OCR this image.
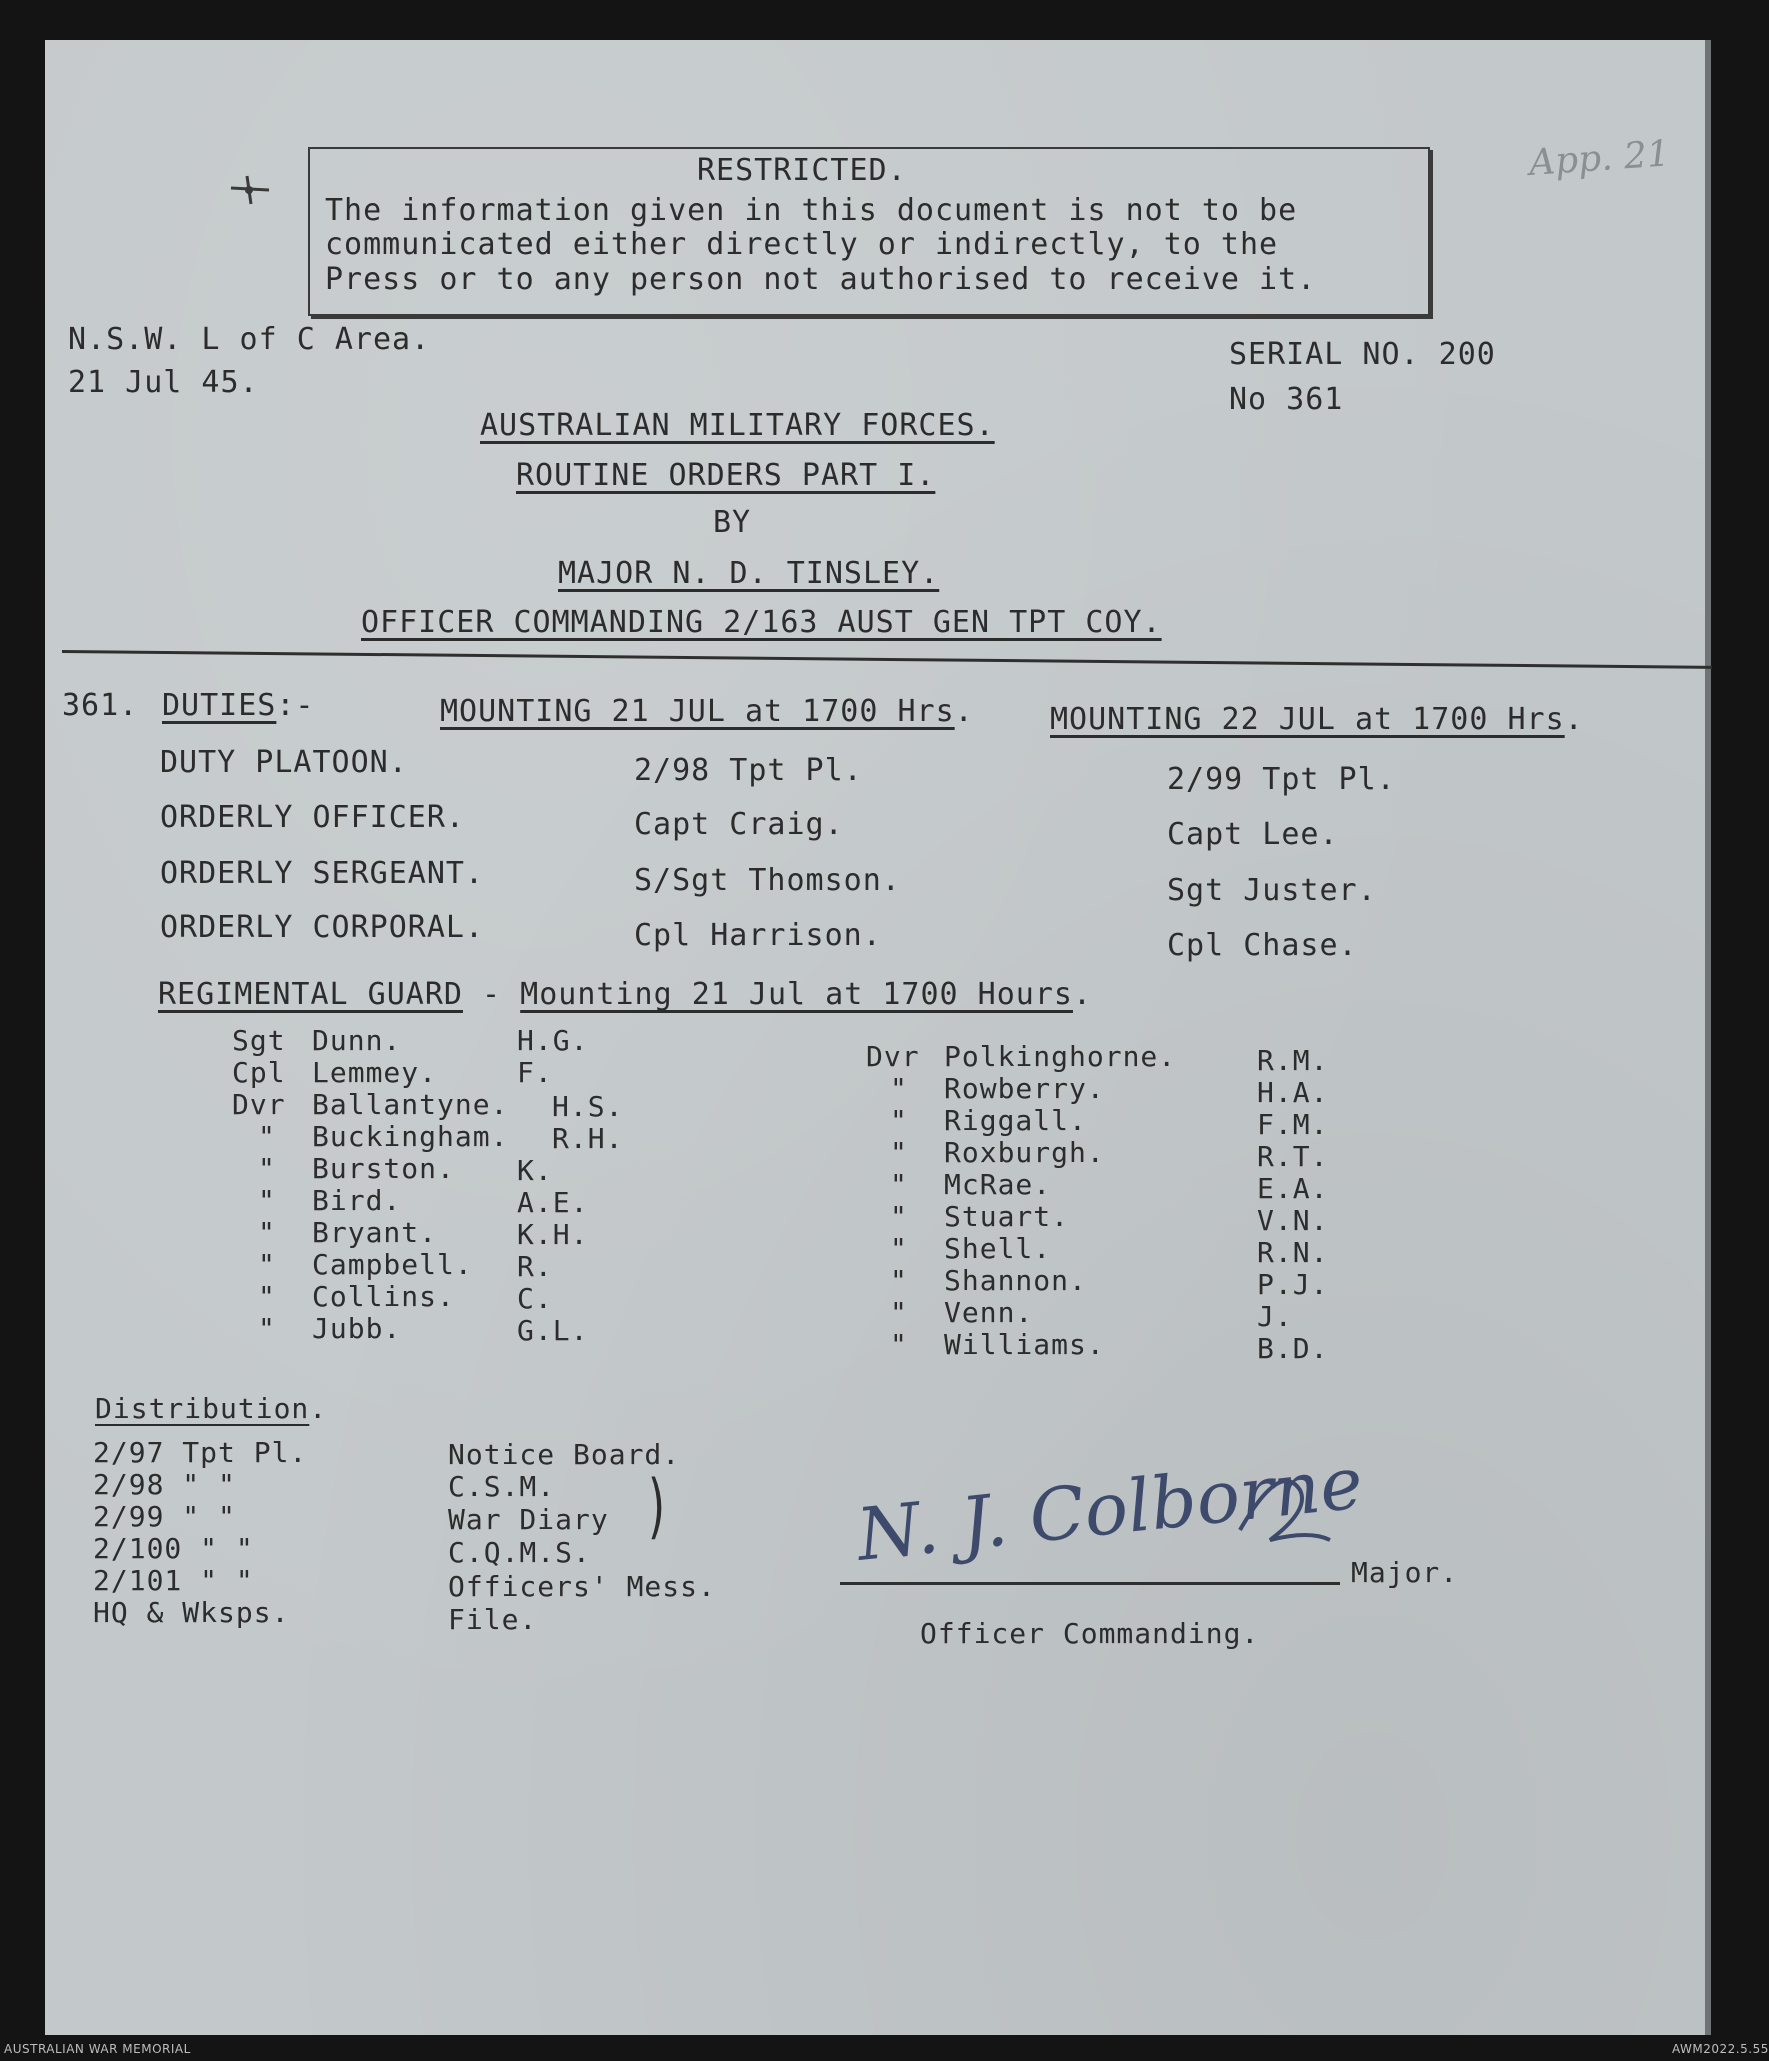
App. 21
RESTRICTED.
The information given in this document is not to be
communicated either directly or indirectly, to the
Press or to any person not authorised to receive it.
N.S.W. L of C Area.
21 Jul 45.
SERIAL NO. 200
No 361
AUSTRALIAN MILITARY FORCES.
ROUTINE ORDERS PART I.
BY
MAJOR N. D. TINSLEY.
OFFICER COMMANDING 2/163 AUST GEN TPT COY.
361. DUTIES:-	MOUNTING 21 JUL at 1700 Hrs.	MOUNTING 22 JUL at 1700 Hrs.
DUTY PLATOON.	2/98 Tpt Pl.	2/99 Tpt Pl.
ORDERLY OFFICER.	Capt Craig.	Capt Lee.
ORDERLY SERGEANT.	S/Sgt Thomson.	Sgt Juster.
ORDERLY CORPORAL.	Cpl Harrison.	Cpl Chase.
REGIMENTAL GUARD - Mounting 21 Jul at 1700 Hours.
Sgt Dunn.	H.G.
Cpl Lemmey.	F.
Dvr Ballantyne. H.S.
" Buckingham. R.H.
" Burston. K.
" Bird.	A.E.
" Bryant.	K.H.
" Campbell. R.
" Collins. C.
" Jubb.	G.L.
Dvr Polkinghorne.	R.M.
" Rowberry.	H.A.
" Riggall.	F.M.
" Roxburgh.	R.T.
" McRae.	E.A.
" Stuart.	V.N.
" Shell.	R.N.
" Shannon.	P.J.
" Venn.	J.
" Williams.	B.D.
Distribution.
2/97 Tpt Pl.
2/98 " "
2/99 " "
2/100 " "
2/101 " "
HQ & Wksps.
Notice Board.
C.S.M.
War Diary
C.Q.M.S.
Officers' Mess.
File.
)	N. J. Colborne
Major.
Officer Commanding.
AUSTRALIAN WAR MEMORIAL	AWM2022.5.55
